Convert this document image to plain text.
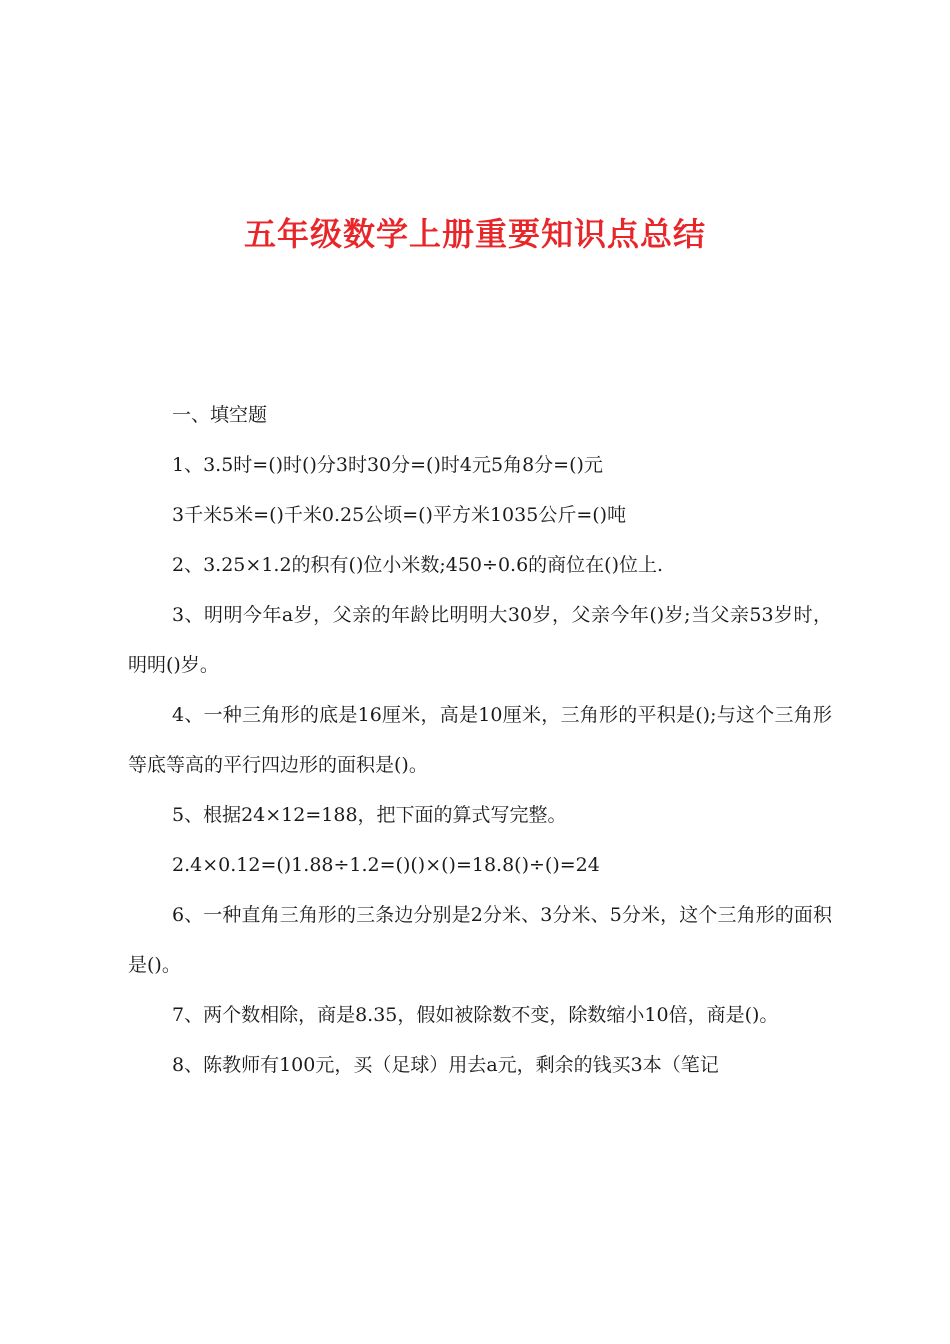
五年级数学上册重要知识点总结

一、填空题

1、3.5时=()时()分3时30分=()时4元5角8分=()元

3千米5米=()千米0.25公顷=()平方米1035公斤=()吨

2、3.25×1.2的积有()位小米数;450÷0.6的商位在()位上.

3、明明今年a岁，父亲的年龄比明明大30岁，父亲今年()岁;当父亲53岁时，明明()岁。

4、一种三角形的底是16厘米，高是10厘米，三角形的平积是();与这个三角形等底等高的平行四边形的面积是()。

5、根据24×12=188，把下面的算式写完整。

2.4×0.12=()1.88÷1.2=()()×()=18.8()÷()=24

6、一种直角三角形的三条边分别是2分米、3分米、5分米，这个三角形的面积是()。

7、两个数相除，商是8.35，假如被除数不变，除数缩小10倍，商是()。

8、陈教师有100元，买（足球）用去a元，剩余的钱买3本（笔记
